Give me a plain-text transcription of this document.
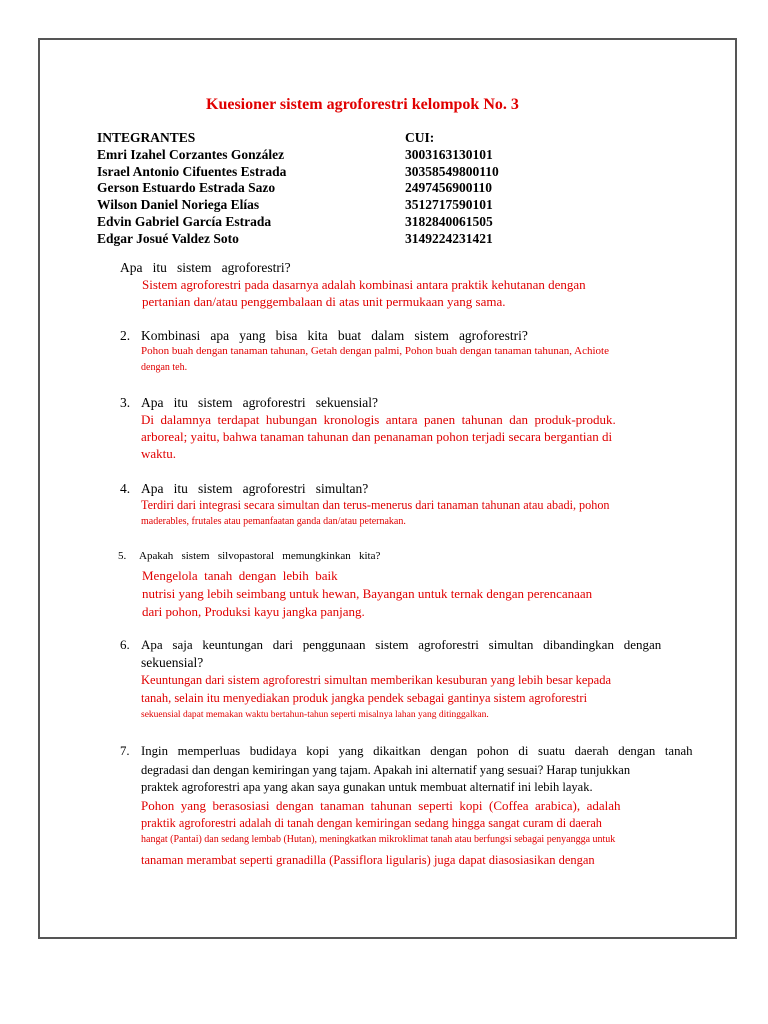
Kuesioner sistem agroforestri kelompok No. 3
INTEGRANTES	CUI:
Emri Izahel Corzantes González	3003163130101
Israel Antonio Cifuentes Estrada	30358549800110
Gerson Estuardo Estrada Sazo	2497456900110
Wilson Daniel Noriega Elías	3512717590101
Edvin Gabriel García Estrada	3182840061505
Edgar Josué Valdez Soto	3149224231421
Apa   itu   sistem   agroforestri?
Sistem agroforestri pada dasarnya adalah kombinasi antara praktik kehutanan dengan
pertanian dan/atau penggembalaan di atas unit permukaan yang sama.
2. Kombinasi   apa   yang   bisa   kita   buat   dalam   sistem   agroforestri?
Pohon buah dengan tanaman tahunan, Getah dengan palmi, Pohon buah dengan tanaman tahunan, Achiote
dengan teh.
3. Apa   itu   sistem   agroforestri   sekuensial?
Di  dalamnya  terdapat  hubungan  kronologis  antara  panen  tahunan  dan  produk-produk.
arboreal; yaitu, bahwa tanaman tahunan dan penanaman pohon terjadi secara bergantian di
waktu.
4. Apa   itu   sistem   agroforestri   simultan?
Terdiri dari integrasi secara simultan dan terus-menerus dari tanaman tahunan atau abadi, pohon
maderables, frutales atau pemanfaatan ganda dan/atau peternakan.
5. Apakah   sistem   silvopastoral   memungkinkan   kita?
Mengelola  tanah  dengan  lebih  baik
nutrisi yang lebih seimbang untuk hewan, Bayangan untuk ternak dengan perencanaan
dari pohon, Produksi kayu jangka panjang.
6. Apa   saja   keuntungan   dari   penggunaan   sistem   agroforestri   simultan   dibandingkan   dengan
sekuensial?
Keuntungan dari sistem agroforestri simultan memberikan kesuburan yang lebih besar kepada
tanah, selain itu menyediakan produk jangka pendek sebagai gantinya sistem agroforestri
sekuensial dapat memakan waktu bertahun-tahun seperti misalnya lahan yang ditinggalkan.
7. Ingin   memperluas   budidaya   kopi   yang   dikaitkan   dengan   pohon   di   suatu   daerah   dengan   tanah
degradasi dan dengan kemiringan yang tajam. Apakah ini alternatif yang sesuai? Harap tunjukkan
praktek agroforestri apa yang akan saya gunakan untuk membuat alternatif ini lebih layak.
Pohon  yang  berasosiasi  dengan  tanaman  tahunan  seperti  kopi  (Coffea  arabica),  adalah
praktik agroforestri adalah di tanah dengan kemiringan sedang hingga sangat curam di daerah
hangat (Pantai) dan sedang lembab (Hutan), meningkatkan mikroklimat tanah atau berfungsi sebagai penyangga untuk
tanaman merambat seperti granadilla (Passiflora ligularis) juga dapat diasosiasikan dengan
